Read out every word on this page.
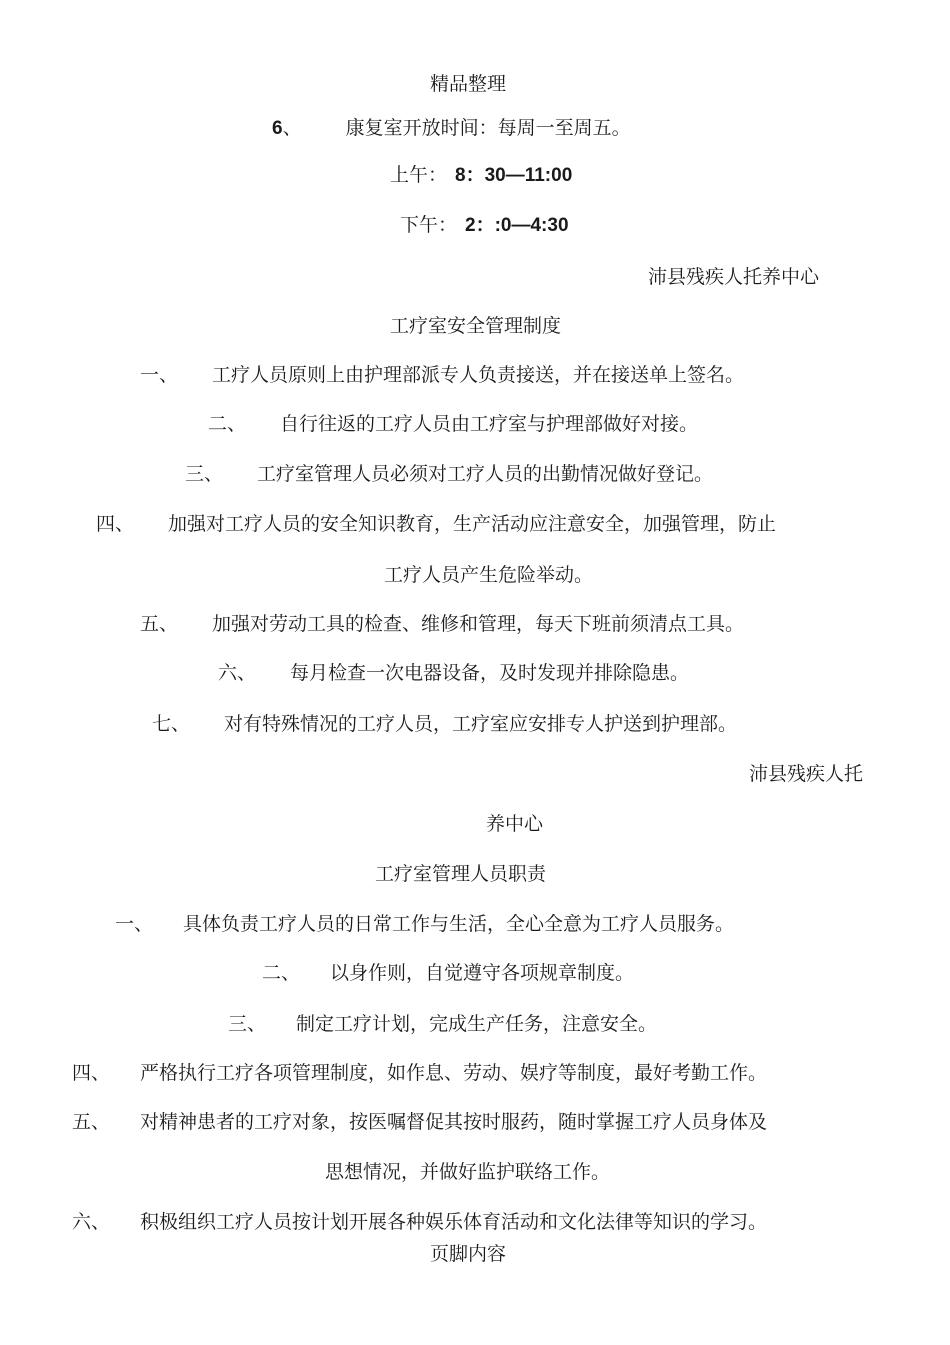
精品整理
6、 康复室开放时间：每周一至周五。
上午： 8：30—11:00
下午： 2：:0—4:30
沛县残疾人托养中心
工疗室安全管理制度
一、 工疗人员原则上由护理部派专人负责接送，并在接送单上签名。
二、 自行往返的工疗人员由工疗室与护理部做好对接。
三、 工疗室管理人员必须对工疗人员的出勤情况做好登记。
四、 加强对工疗人员的安全知识教育，生产活动应注意安全，加强管理，防止
工疗人员产生危险举动。
五、 加强对劳动工具的检查、维修和管理，每天下班前须清点工具。
六、 每月检查一次电器设备，及时发现并排除隐患。
七、 对有特殊情况的工疗人员，工疗室应安排专人护送到护理部。
沛县残疾人托
养中心
工疗室管理人员职责
一、 具体负责工疗人员的日常工作与生活，全心全意为工疗人员服务。
二、 以身作则，自觉遵守各项规章制度。
三、 制定工疗计划，完成生产任务，注意安全。
四、 严格执行工疗各项管理制度，如作息、劳动、娱疗等制度，最好考勤工作。
五、 对精神患者的工疗对象，按医嘱督促其按时服药，随时掌握工疗人员身体及
思想情况，并做好监护联络工作。
六、 积极组织工疗人员按计划开展各种娱乐体育活动和文化法律等知识的学习。
页脚内容
